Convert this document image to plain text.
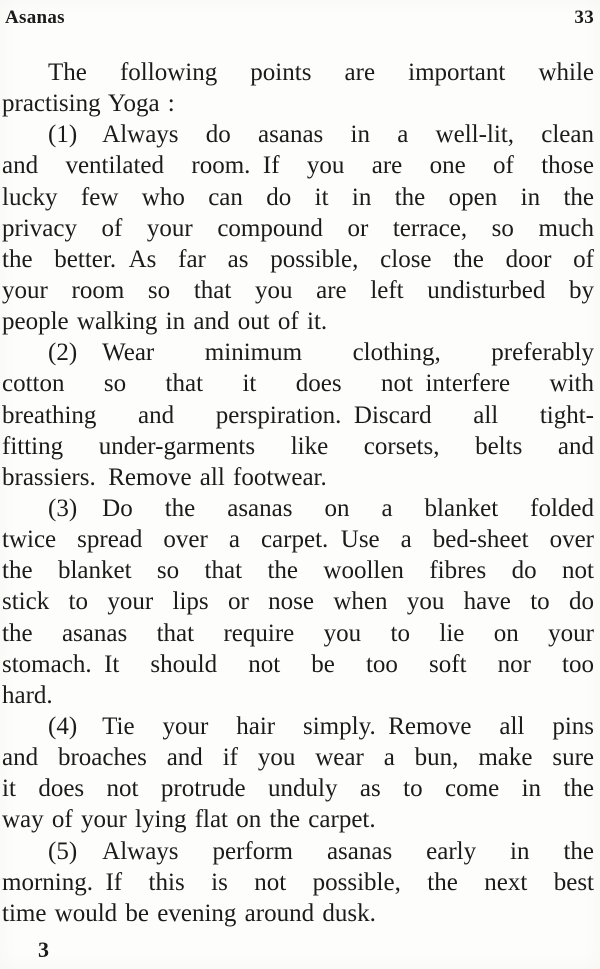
Asanas	33
The following points are important while
practising Yoga :
(1) Always do asanas in a well-lit, clean
and ventilated room. If you are one of those
lucky few who can do it in the open in the
privacy of your compound or terrace, so much
the better. As far as possible, close the door of
your room so that you are left undisturbed by
people walking in and out of it.
(2) Wear minimum clothing, preferably
cotton so that it does not interfere with
breathing and perspiration. Discard all tight-
fitting under-garments like corsets, belts and
brassiers. Remove all footwear.
(3) Do the asanas on a blanket folded
twice spread over a carpet. Use a bed-sheet over
the blanket so that the woollen fibres do not
stick to your lips or nose when you have to do
the asanas that require you to lie on your
stomach. It should not be too soft nor too
hard.
(4) Tie your hair simply. Remove all pins
and broaches and if you wear a bun, make sure
it does not protrude unduly as to come in the
way of your lying flat on the carpet.
(5) Always perform asanas early in the
morning. If this is not possible, the next best
time would be evening around dusk.
3
